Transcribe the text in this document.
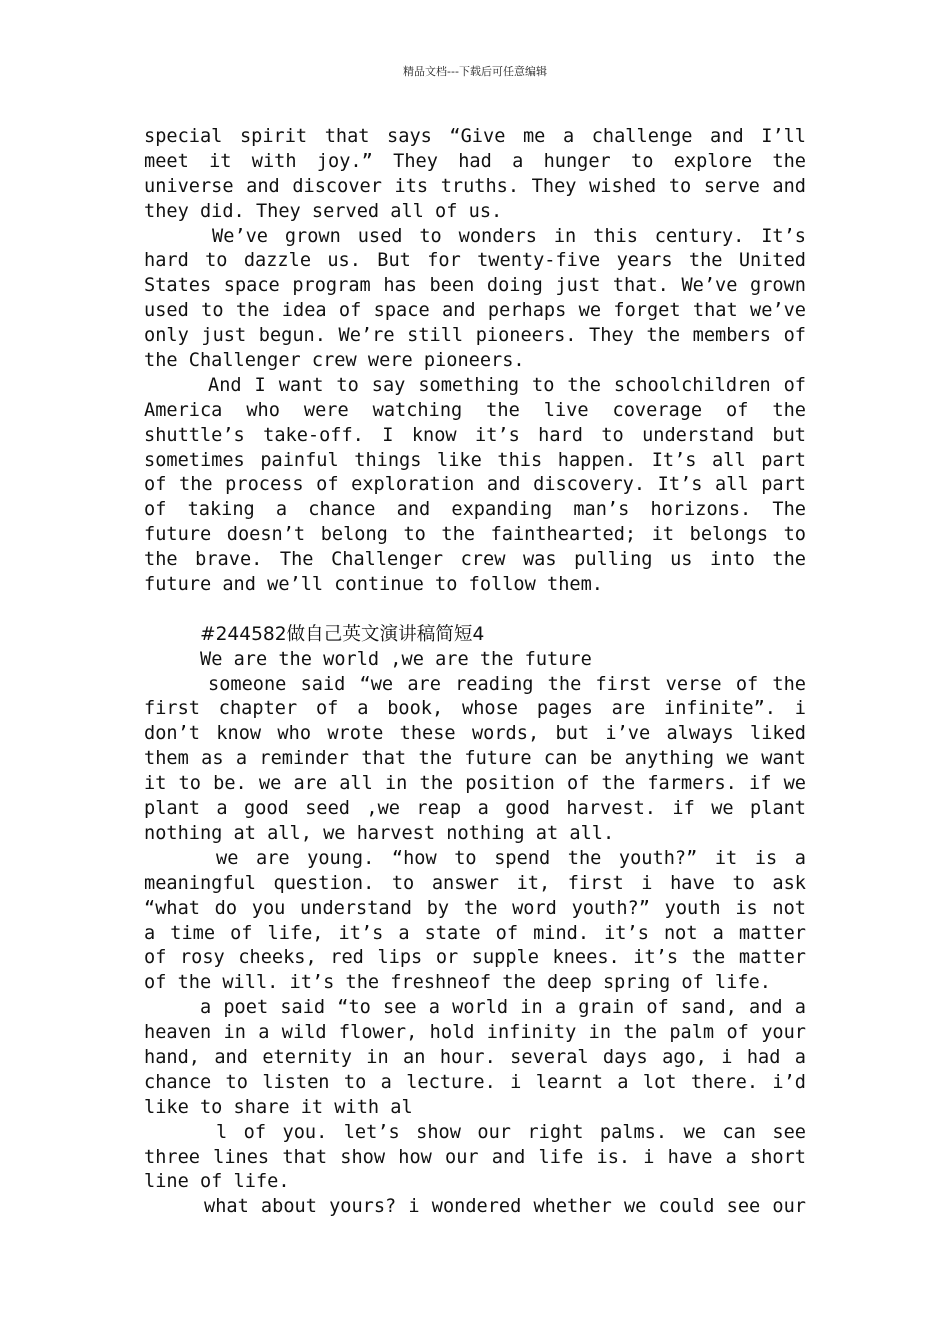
精品文档---下载后可任意编辑
special spirit that says “Give me a challenge and I’ll
meet it with joy.” They had a hunger to explore the
universe and discover its truths. They wished to serve and
they did. They served all of us.
We’ve grown used to wonders in this century. It’s
hard to dazzle us. But for twenty-five years the United
States space program has been doing just that. We’ve grown
used to the idea of space and perhaps we forget that we’ve
only just begun. We’re still pioneers. They the members of
the Challenger crew were pioneers.
And I want to say something to the schoolchildren of
America who were watching the live coverage of the
shuttle’s take-off. I know it’s hard to understand but
sometimes painful things like this happen. It’s all part
of the process of exploration and discovery. It’s all part
of taking a chance and expanding man’s horizons. The
future doesn’t belong to the fainthearted; it belongs to
the brave. The Challenger crew was pulling us into the
future and we’ll continue to follow them.
#244582做自己英文演讲稿简短4
We are the world ,we are the future
someone said “we are reading the first verse of the
first chapter of a book, whose pages are infinite”. i
don’t know who wrote these words, but i’ve always liked
them as a reminder that the future can be anything we want
it to be. we are all in the position of the farmers. if we
plant a good seed ,we reap a good harvest. if we plant
nothing at all, we harvest nothing at all.
we are young. “how to spend the youth?” it is a
meaningful question. to answer it, first i have to ask
“what do you understand by the word youth?” youth is not
a time of life, it’s a state of mind. it’s not a matter
of rosy cheeks, red lips or supple knees. it’s the matter
of the will. it’s the freshneof the deep spring of life.
a poet said “to see a world in a grain of sand, and a
heaven in a wild flower, hold infinity in the palm of your
hand, and eternity in an hour. several days ago, i had a
chance to listen to a lecture. i learnt a lot there. i’d
like to share it with al
l of you. let’s show our right palms. we can see
three lines that show how our and life is. i have a short
line of life.
what about yours? i wondered whether we could see our
